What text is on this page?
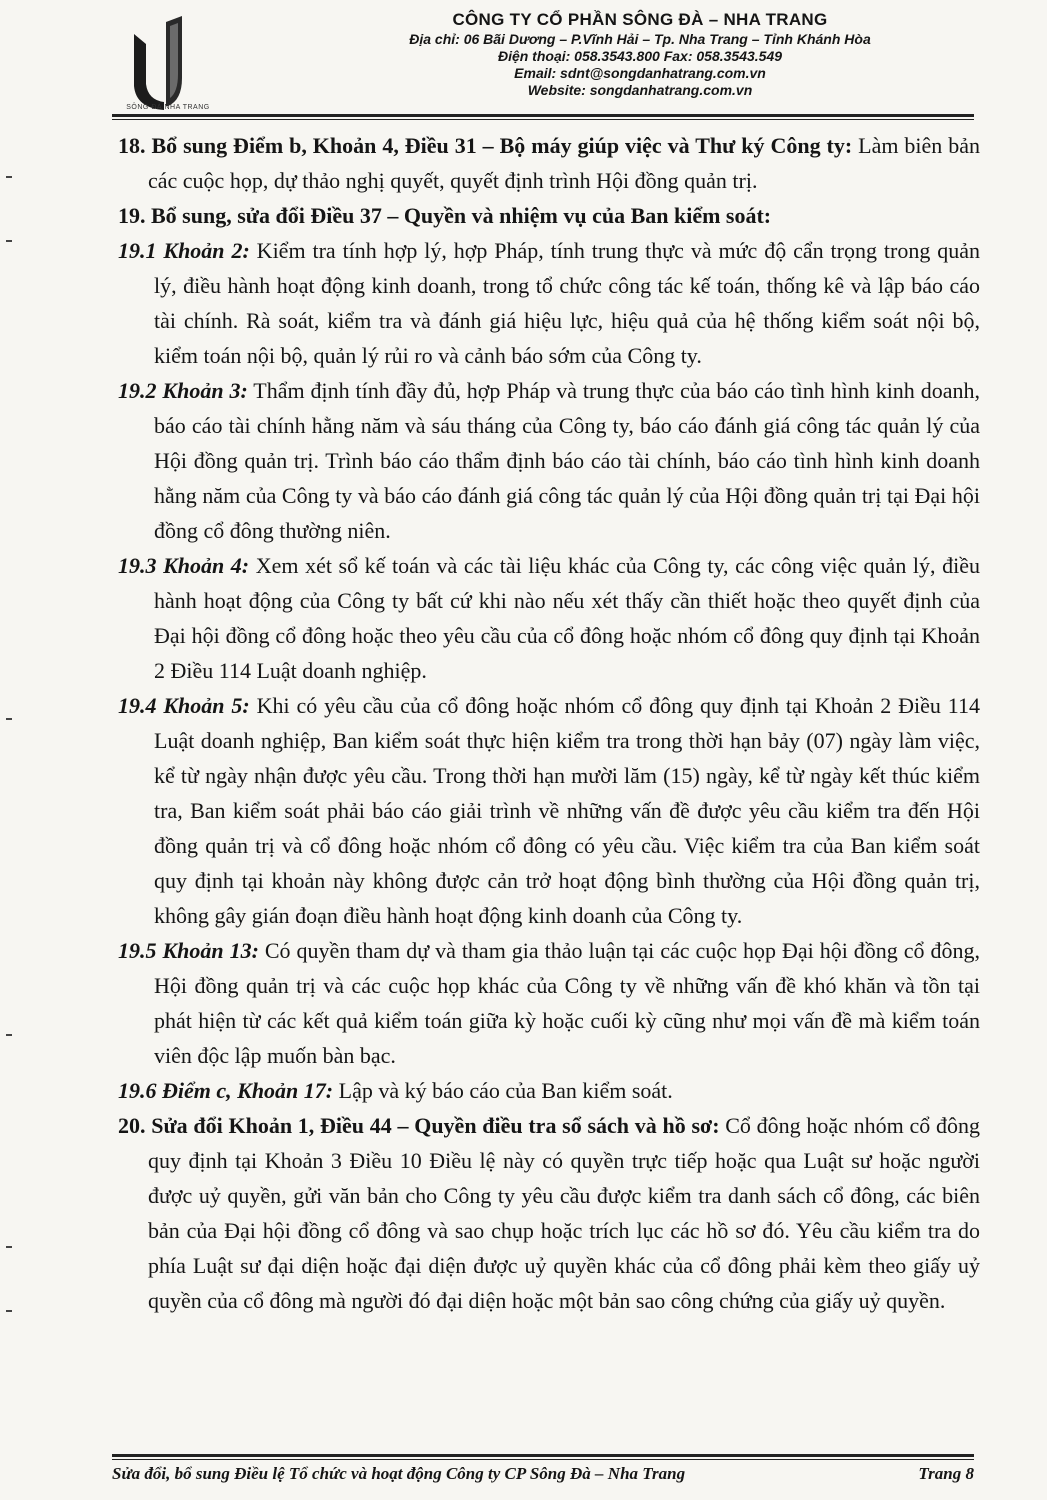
SÔNG ĐÀ NHA TRANG
CÔNG TY CỔ PHẦN SÔNG ĐÀ – NHA TRANG
Địa chỉ: 06 Bãi Dương – P.Vĩnh Hải – Tp. Nha Trang – Tỉnh Khánh Hòa
Điện thoại: 058.3543.800 Fax: 058.3543.549
Email: sdnt@songdanhatrang.com.vn
Website: songdanhatrang.com.vn

18. Bổ sung Điểm b, Khoản 4, Điều 31 – Bộ máy giúp việc và Thư ký Công ty: Làm biên bản các cuộc họp, dự thảo nghị quyết, quyết định trình Hội đồng quản trị.

19. Bổ sung, sửa đổi Điều 37 – Quyền và nhiệm vụ của Ban kiểm soát:

19.1 Khoản 2: Kiểm tra tính hợp lý, hợp Pháp, tính trung thực và mức độ cẩn trọng trong quản lý, điều hành hoạt động kinh doanh, trong tổ chức công tác kế toán, thống kê và lập báo cáo tài chính. Rà soát, kiểm tra và đánh giá hiệu lực, hiệu quả của hệ thống kiểm soát nội bộ, kiểm toán nội bộ, quản lý rủi ro và cảnh báo sớm của Công ty.

19.2 Khoản 3: Thẩm định tính đầy đủ, hợp Pháp và trung thực của báo cáo tình hình kinh doanh, báo cáo tài chính hằng năm và sáu tháng của Công ty, báo cáo đánh giá công tác quản lý của Hội đồng quản trị. Trình báo cáo thẩm định báo cáo tài chính, báo cáo tình hình kinh doanh hằng năm của Công ty và báo cáo đánh giá công tác quản lý của Hội đồng quản trị tại Đại hội đồng cổ đông thường niên.

19.3 Khoản 4: Xem xét sổ kế toán và các tài liệu khác của Công ty, các công việc quản lý, điều hành hoạt động của Công ty bất cứ khi nào nếu xét thấy cần thiết hoặc theo quyết định của Đại hội đồng cổ đông hoặc theo yêu cầu của cổ đông hoặc nhóm cổ đông quy định tại Khoản 2 Điều 114 Luật doanh nghiệp.

19.4 Khoản 5: Khi có yêu cầu của cổ đông hoặc nhóm cổ đông quy định tại Khoản 2 Điều 114 Luật doanh nghiệp, Ban kiểm soát thực hiện kiểm tra trong thời hạn bảy (07) ngày làm việc, kể từ ngày nhận được yêu cầu. Trong thời hạn mười lăm (15) ngày, kể từ ngày kết thúc kiểm tra, Ban kiểm soát phải báo cáo giải trình về những vấn đề được yêu cầu kiểm tra đến Hội đồng quản trị và cổ đông hoặc nhóm cổ đông có yêu cầu. Việc kiểm tra của Ban kiểm soát quy định tại khoản này không được cản trở hoạt động bình thường của Hội đồng quản trị, không gây gián đoạn điều hành hoạt động kinh doanh của Công ty.

19.5 Khoản 13: Có quyền tham dự và tham gia thảo luận tại các cuộc họp Đại hội đồng cổ đông, Hội đồng quản trị và các cuộc họp khác của Công ty về những vấn đề khó khăn và tồn tại phát hiện từ các kết quả kiểm toán giữa kỳ hoặc cuối kỳ cũng như mọi vấn đề mà kiểm toán viên độc lập muốn bàn bạc.

19.6 Điểm c, Khoản 17: Lập và ký báo cáo của Ban kiểm soát.

20. Sửa đổi Khoản 1, Điều 44 – Quyền điều tra sổ sách và hồ sơ: Cổ đông hoặc nhóm cổ đông quy định tại Khoản 3 Điều 10 Điều lệ này có quyền trực tiếp hoặc qua Luật sư hoặc người được uỷ quyền, gửi văn bản cho Công ty yêu cầu được kiểm tra danh sách cổ đông, các biên bản của Đại hội đồng cổ đông và sao chụp hoặc trích lục các hồ sơ đó. Yêu cầu kiểm tra do phía Luật sư đại diện hoặc đại diện được uỷ quyền khác của cổ đông phải kèm theo giấy uỷ quyền của cổ đông mà người đó đại diện hoặc một bản sao công chứng của giấy uỷ quyền.

Sửa đổi, bổ sung Điều lệ Tổ chức và hoạt động Công ty CP Sông Đà – Nha Trang	Trang 8
